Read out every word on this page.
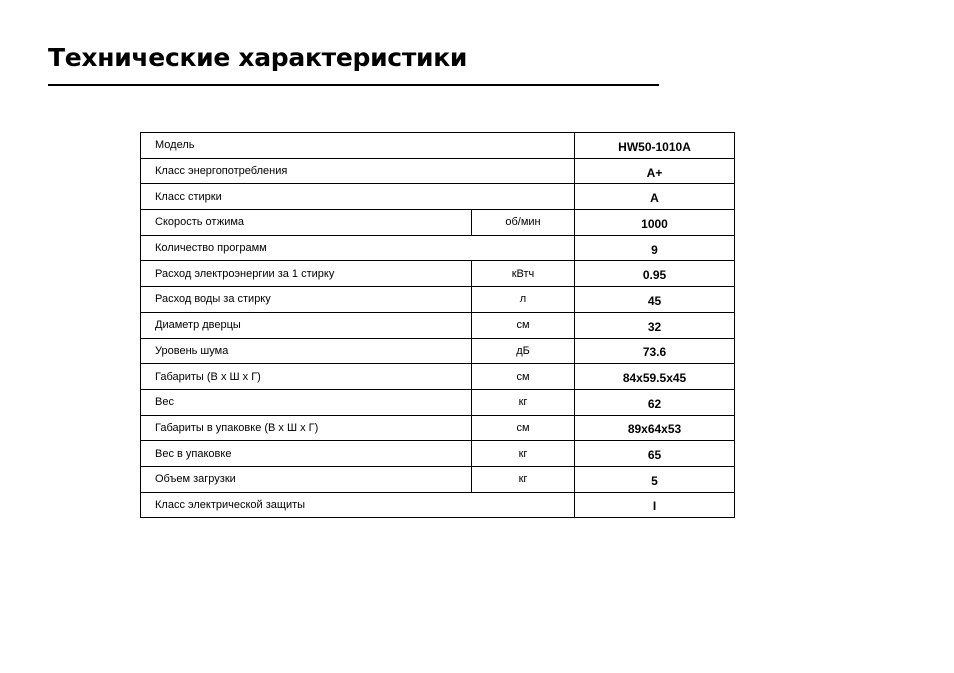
Технические характеристики
Модель		HW50-1010A
Класс энергопотребления		A+
Класс стирки		A
Скорость отжима	об/мин	1000
Количество программ		9
Расход электроэнергии за 1 стирку	кВтч	0.95
Расход воды за стирку	л	45
Диаметр дверцы	см	32
Уровень шума	дБ	73.6
Габариты (В х Ш х Г)	см	84x59.5x45
Вес	кг	62
Габариты в упаковке (В х Ш х Г)	см	89x64x53
Вес в упаковке	кг	65
Объем загрузки	кг	5
Класс электрической защиты		I
